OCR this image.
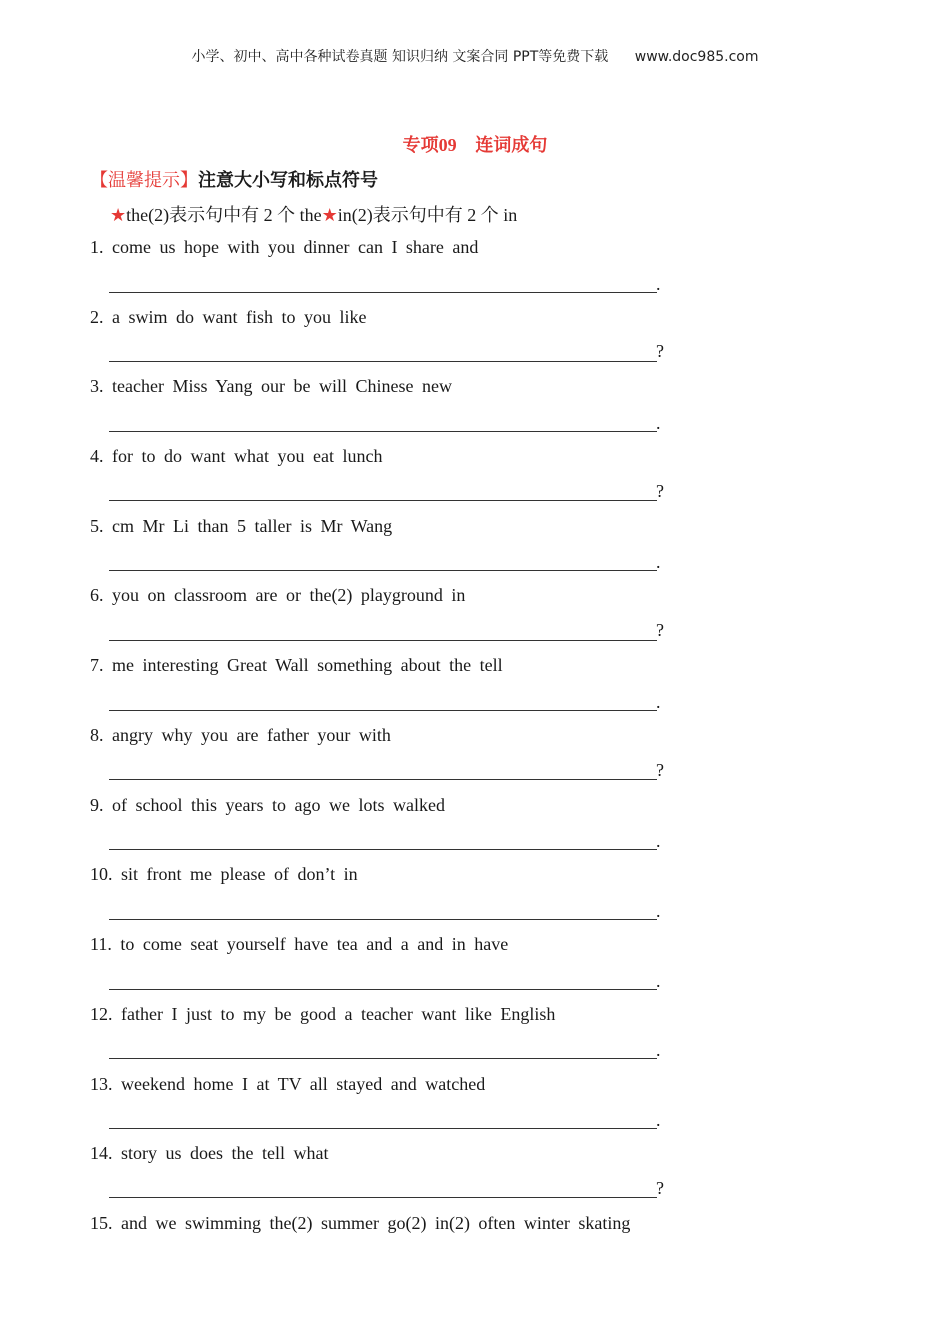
小学、初中、高中各种试卷真题 知识归纳 文案合同 PPT等免费下载 www.doc985.com
专项09 连词成句
【温馨提示】注意大小写和标点符号
★the(2)表示句中有 2 个 the★in(2)表示句中有 2 个 in
1. come us hope with you dinner can I share and
.
2. a swim do want fish to you like
?
3. teacher Miss Yang our be will Chinese new
.
4. for to do want what you eat lunch
?
5. cm Mr Li than 5 taller is Mr Wang
.
6. you on classroom are or the(2) playground in
?
7. me interesting Great Wall something about the tell
.
8. angry why you are father your with
?
9. of school this years to ago we lots walked
.
10. sit front me please of don’t in
.
11. to come seat yourself have tea and a and in have
.
12. father I just to my be good a teacher want like English
.
13. weekend home I at TV all stayed and watched
.
14. story us does the tell what
?
15. and we swimming the(2) summer go(2) in(2) often winter skating
